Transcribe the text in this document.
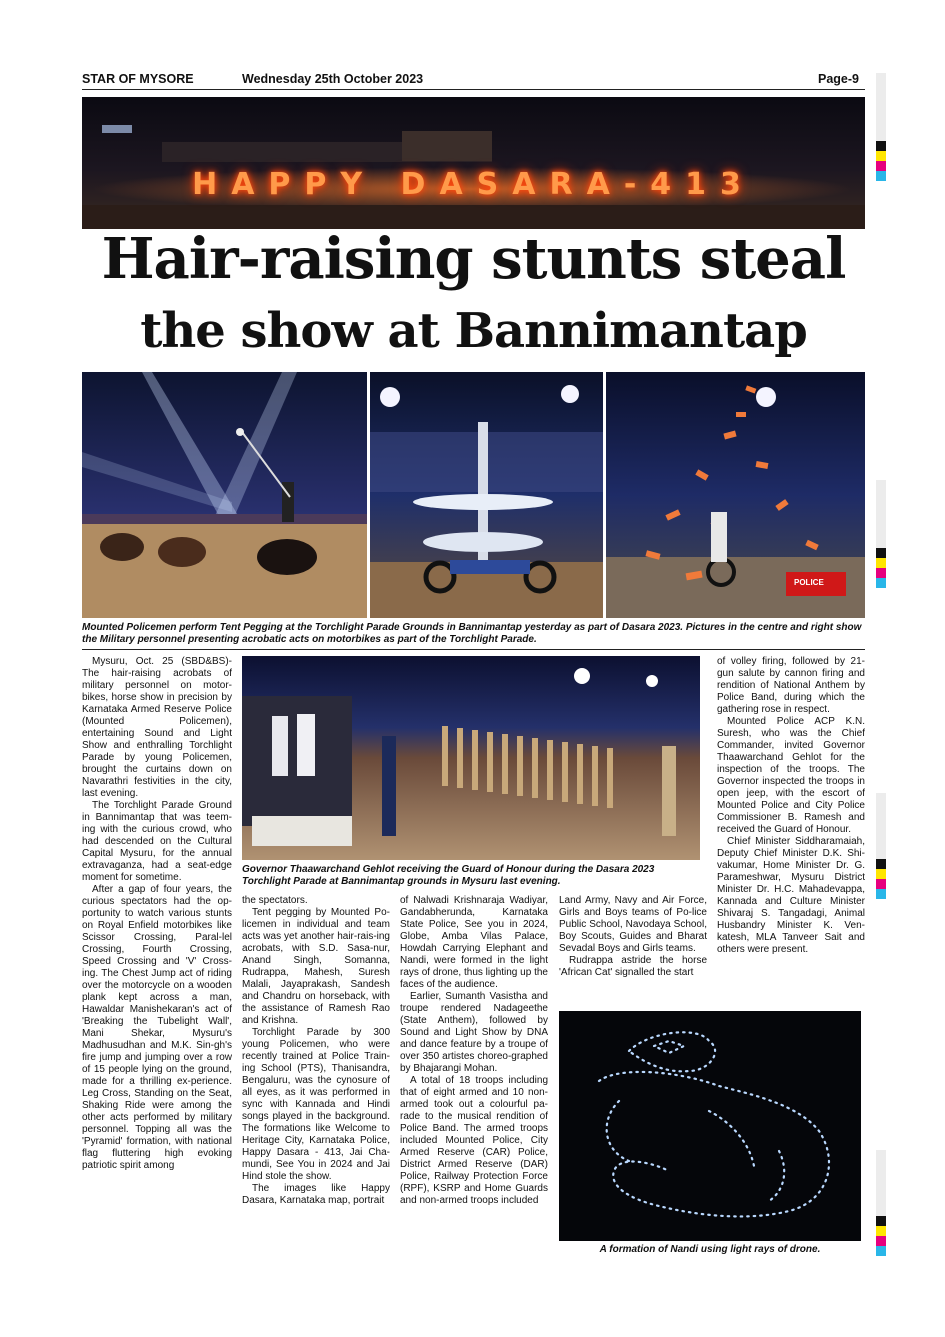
STAR OF MYSORE	Wednesday 25th October 2023	Page-9
HAPPY DASARA-413
Hair-raising stunts steal
the show at Bannimantap
POLICE
Mounted Policemen perform Tent Pegging at the Torchlight Parade Grounds in Bannimantap yesterday as part of Dasara 2023. Pictures in the centre and right show the Military personnel presenting acrobatic acts on motorbikes as part of the Torchlight Parade.

Mysuru, Oct. 25 (SBD&BS)- The hair-raising acrobats of military personnel on motor-bikes, horse show in precision by Karnataka Armed Reserve Police (Mounted Policemen), entertaining Sound and Light Show and enthralling Torchlight Parade by young Policemen, brought the curtains down on Navarathri festivities in the city, last evening.

The Torchlight Parade Ground in Bannimantap that was teem-ing with the curious crowd, who had descended on the Cultural Capital Mysuru, for the annual extravaganza, had a seat-edge moment for sometime.

After a gap of four years, the curious spectators had the op-portunity to watch various stunts on Royal Enfield motorbikes like Scissor Crossing, Paral-lel Crossing, Fourth Crossing, Speed Crossing and 'V' Cross-ing. The Chest Jump act of riding over the motorcycle on a wooden plank kept across a man, Hawaldar Manishekaran's act of 'Breaking the Tubelight Wall', Mani Shekar, Mysuru's Madhusudhan and M.K. Sin-gh's fire jump and jumping over a row of 15 people lying on the ground, made for a thrilling ex-perience. Leg Cross, Standing on the Seat, Shaking Ride were among the other acts performed by military personnel. Topping all was the 'Pyramid' formation, with national flag fluttering high evoking patriotic spirit among

Governor Thaawarchand Gehlot receiving the Guard of Honour during the Dasara 2023 Torchlight Parade at Bannimantap grounds in Mysuru last evening.

the spectators.

Tent pegging by Mounted Po-licemen in individual and team acts was yet another hair-rais-ing acrobats, with S.D. Sasa-nur, Anand Singh, Somanna, Rudrappa, Mahesh, Suresh Malali, Jayaprakash, Sandesh and Chandru on horseback, with the assistance of Ramesh Rao and Krishna.

Torchlight Parade by 300 young Policemen, who were recently trained at Police Train-ing School (PTS), Thanisandra, Bengaluru, was the cynosure of all eyes, as it was performed in sync with Kannada and Hindi songs played in the background. The formations like Welcome to Heritage City, Karnataka Police, Happy Dasara - 413, Jai Cha-mundi, See You in 2024 and Jai Hind stole the show.

The images like Happy Dasara, Karnataka map, portrait

of Nalwadi Krishnaraja Wadiyar, Gandabherunda, Karnataka State Police, See you in 2024, Globe, Amba Vilas Palace, Howdah Carrying Elephant and Nandi, were formed in the light rays of drone, thus lighting up the faces of the audience.

Earlier, Sumanth Vasistha and troupe rendered Nadageethe (State Anthem), followed by Sound and Light Show by DNA and dance feature by a troupe of over 350 artistes choreo-graphed by Bhajarangi Mohan.

A total of 18 troops including that of eight armed and 10 non-armed took out a colourful pa-rade to the musical rendition of Police Band. The armed troops included Mounted Police, City Armed Reserve (CAR) Police, District Armed Reserve (DAR) Police, Railway Protection Force (RPF), KSRP and Home Guards and non-armed troops included

Land Army, Navy and Air Force, Girls and Boys teams of Po-lice Public School, Navodaya School, Boy Scouts, Guides and Bharat Sevadal Boys and Girls teams.

Rudrappa astride the horse 'African Cat' signalled the start

of volley firing, followed by 21-gun salute by cannon firing and rendition of National Anthem by Police Band, during which the gathering rose in respect.

Mounted Police ACP K.N. Suresh, who was the Chief Commander, invited Governor Thaawarchand Gehlot for the inspection of the troops. The Governor inspected the troops in open jeep, with the escort of Mounted Police and City Police Commissioner B. Ramesh and received the Guard of Honour.

Chief Minister Siddharamaiah, Deputy Chief Minister D.K. Shi-vakumar, Home Minister Dr. G. Parameshwar, Mysuru District Minister Dr. H.C. Mahadevappa, Kannada and Culture Minister Shivaraj S. Tangadagi, Animal Husbandry Minister K. Ven-katesh, MLA Tanveer Sait and others were present.

A formation of Nandi using light rays of drone.
